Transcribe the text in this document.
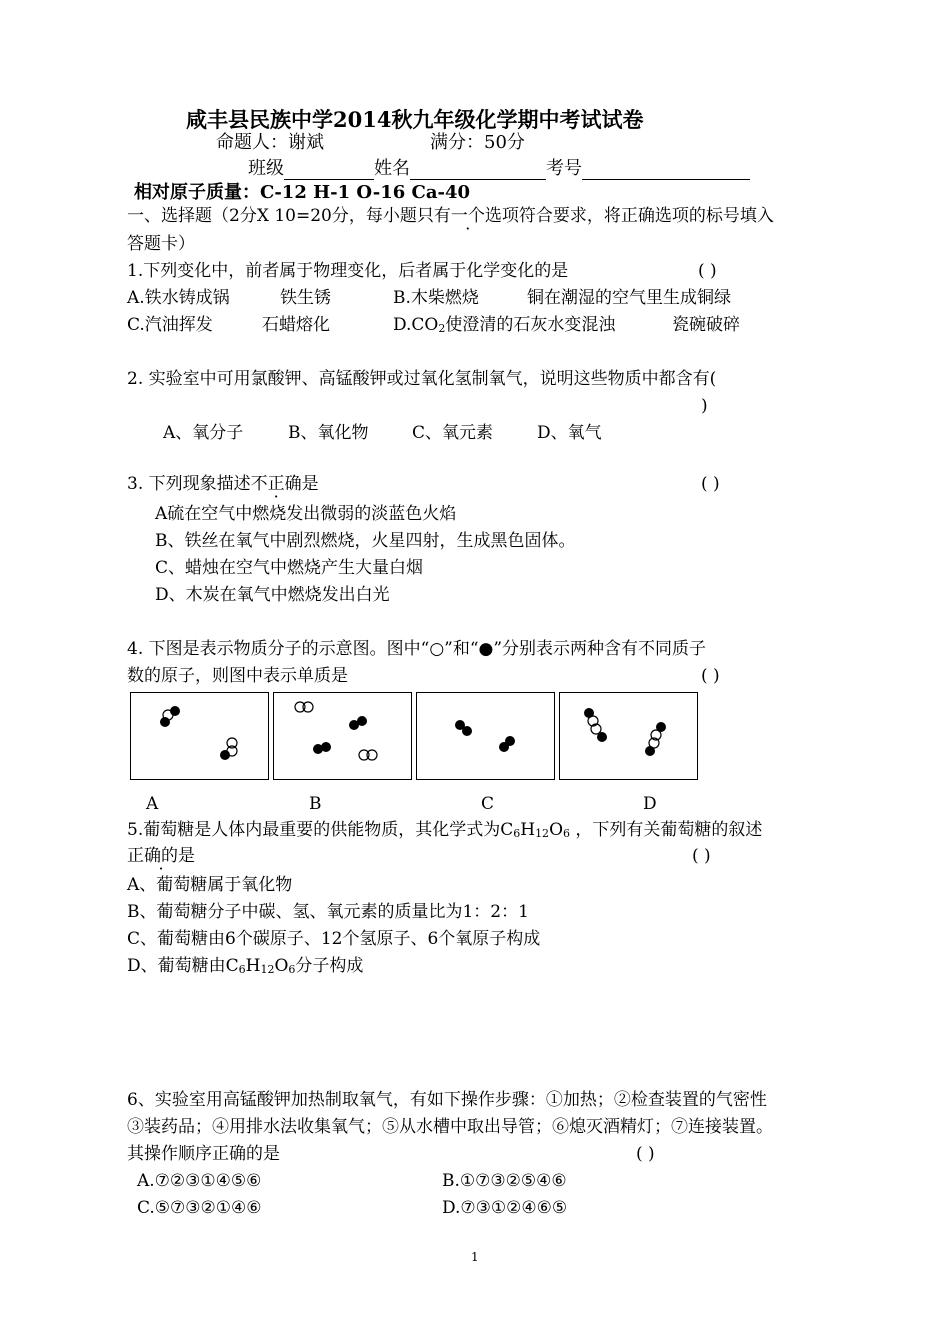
咸丰县民族中学2014秋九年级化学期中考试试卷
命题人：谢斌	满分：50分
班级	姓名	考号
相对原子质量：C-12 H-1 O-16 Ca-40
一、选择题（2分X 10=20分，每小题只有一个选项符合要求，将正确选项的标号填入
答题卡）
1.下列变化中，前者属于物理变化，后者属于化学变化的是	( )
A.铁水铸成锅	铁生锈	B.木柴燃烧	铜在潮湿的空气里生成铜绿
C.汽油挥发	石蜡熔化	$D.CO_2$使澄清的石灰水变混浊	瓷碗破碎
2. 实验室中可用氯酸钾、高锰酸钾或过氧化氢制氧气，说明这些物质中都含有(
)
A、氧分子	B、氧化物	C、氧元素	D、氧气
3. 下列现象描述不正确是	( )
A硫在空气中燃烧发出微弱的淡蓝色火焰
B、铁丝在氧气中剧烈燃烧，火星四射，生成黑色固体。
C、蜡烛在空气中燃烧产生大量白烟
D、木炭在氧气中燃烧发出白光
4. 下图是表示物质分子的示意图。图中“○”和“●”分别表示两种含有不同质子
数的原子，则图中表示单质是	( )
A	B	C	D
5.葡萄糖是人体内最重要的供能物质，其化学式为$C_6H_{12}O_6$ ，下列有关葡萄糖的叙述
正确的是	( )
A、葡萄糖属于氧化物
B、葡萄糖分子中碳、氢、氧元素的质量比为1：2：1
C、葡萄糖由6个碳原子、12个氢原子、6个氧原子构成
D、葡萄糖由$C_6H_{12}O_6$分子构成
6、实验室用高锰酸钾加热制取氧气，有如下操作步骤：①加热；②检查装置的气密性
③装药品；④用排水法收集氧气；⑤从水槽中取出导管；⑥熄灭酒精灯；⑦连接装置。
其操作顺序正确的是	( )
A.⑦②③①④⑤⑥	B.①⑦③②⑤④⑥
C.⑤⑦③②①④⑥	D.⑦③①②④⑥⑤
1
